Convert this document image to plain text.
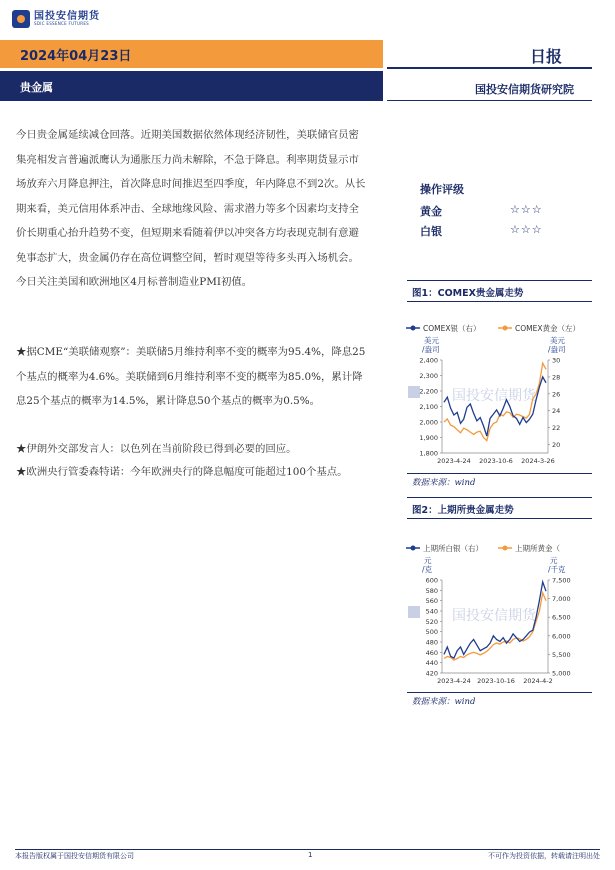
国投安信期货
SDIC ESSENCE FUTURES
2024年04月23日	日报
贵金属	国投安信期货研究院
今日贵金属延续减仓回落。近期美国数据依然体现经济韧性，美联储官员密集亮相发言普遍派鹰认为通胀压力尚未解除，不急于降息。利率期货显示市场放弃六月降息押注，首次降息时间推迟至四季度，年内降息不到2次。从长期来看，美元信用体系冲击、全球地缘风险、需求潜力等多个因素均支持全价长期重心抬升趋势不变，但短期来看随着伊以冲突各方均表现克制有意避免事态扩大，贵金属仍存在高位调整空间，暂时观望等待多头再入场机会。今日关注美国和欧洲地区4月标普制造业PMI初值。
★据CME“美联储观察”：美联储5月维持利率不变的概率为95.4%，降息25个基点的概率为4.6%。美联储到6月维持利率不变的概率为85.0%，累计降息25个基点的概率为14.5%，累计降息50个基点的概率为0.5%。
★伊朗外交部发言人：以色列在当前阶段已得到必要的回应。
★欧洲央行管委森特诺：今年欧洲央行的降息幅度可能超过100个基点。
操作评级
黄金	☆☆☆
白银	☆☆☆
图1：COMEX贵金属走势
国投安信期货
COMEX银（右）	COMEX黄金（左）
美元
/盎司
美元
/盎司
1,800
1,900
2,000
2,100
2,200
2,300
2,400
20
22
24
26
28
30
2023-4-24 2023-10-6 2024-3-26
数据来源：wind
图2：上期所贵金属走势
国投安信期货
上期所白银（右）	上期所黄金（
元
/克
元
/千克
420
440
460
480
500
520
540
560
580
600
5,000
5,500
6,000
6,500
7,000
7,500
2023-4-24 2023-10-16 2024-4-2
数据来源：wind
本报告版权属于国投安信期货有限公司	1	不可作为投资依据，转载请注明出处
